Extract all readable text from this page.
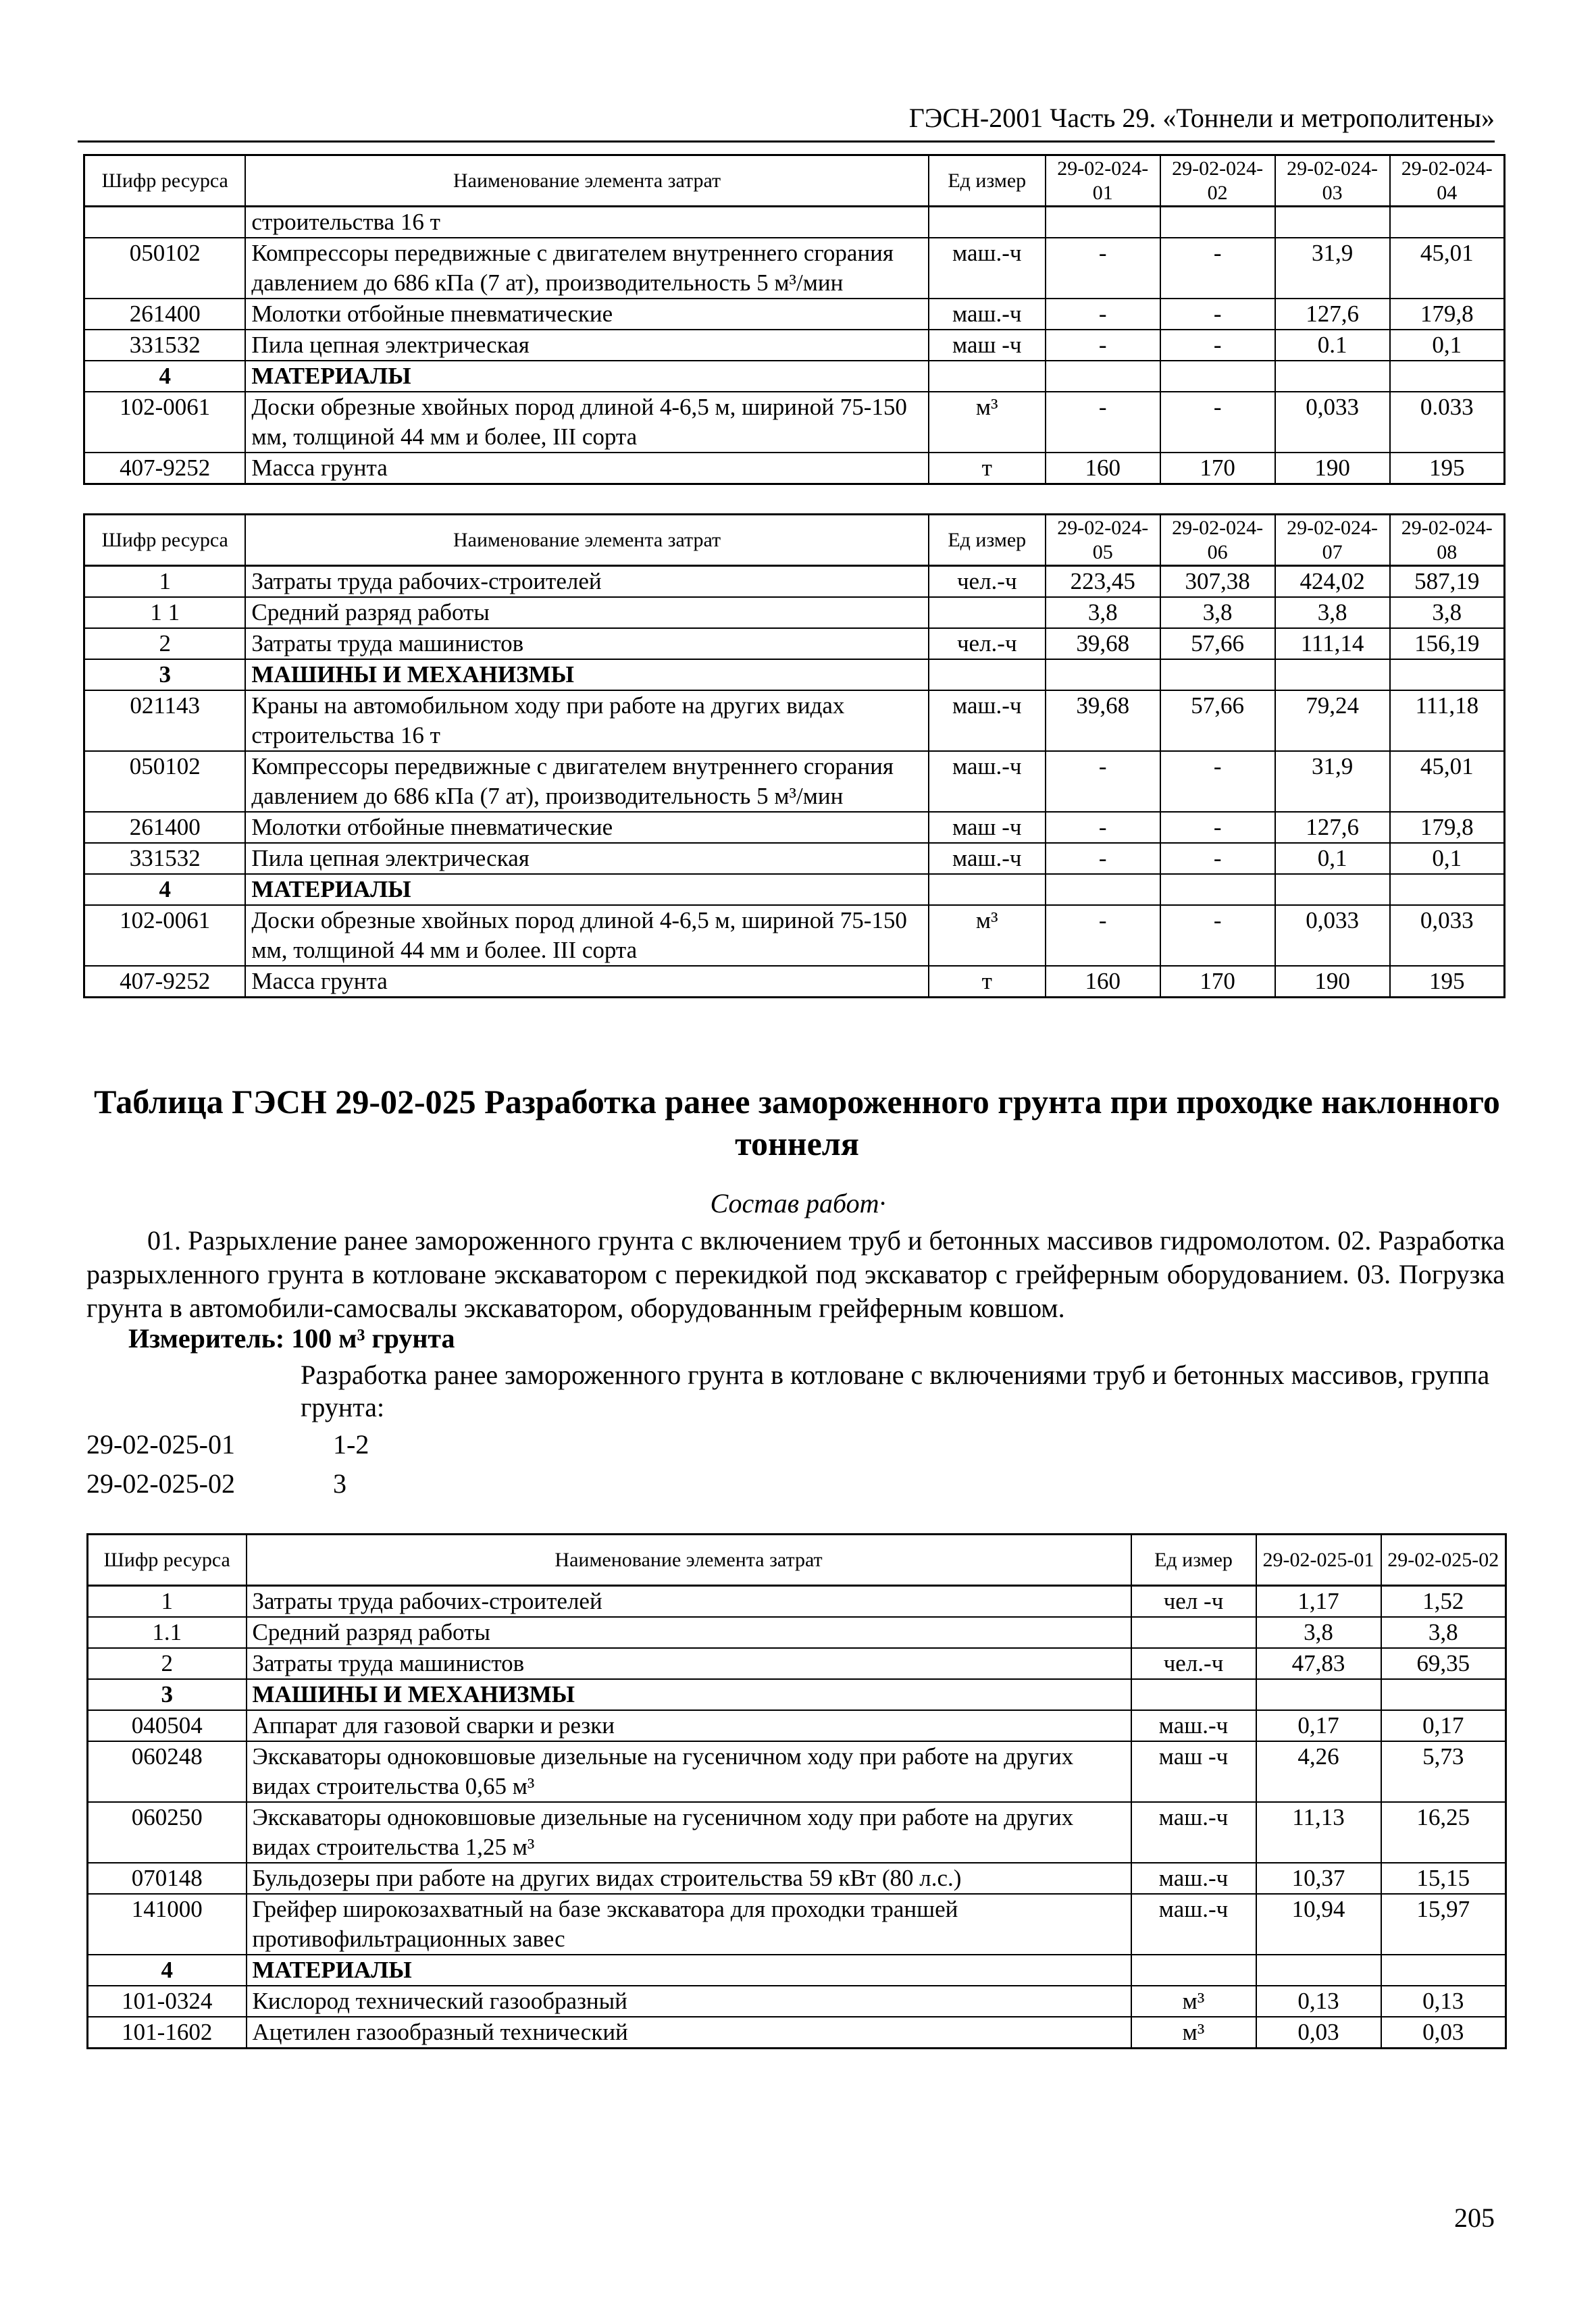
ГЭСН-2001 Часть 29. «Тоннели и метрополитены»
Шифр ресурса	Наименование элемента затрат	Ед измер	29-02-024-01	29-02-024-02	29-02-024-03	29-02-024-04
	строительства 16 т					
050102	Компрессоры передвижные с двигателем внутреннего сгорания давлением до 686 кПа (7 ат), производительность 5 м³/мин	маш.-ч	-	-	31,9	45,01
261400	Молотки отбойные пневматические	маш.-ч	-	-	127,6	179,8
331532	Пила цепная электрическая	маш -ч	-	-	0.1	0,1
4	МАТЕРИАЛЫ					
102-0061	Доски обрезные хвойных пород длиной 4-6,5 м, шириной 75-150 мм, толщиной 44 мм и более, III сорта	м³	-	-	0,033	0.033
407-9252	Масса грунта	т	160	170	190	195
Шифр ресурса	Наименование элемента затрат	Ед измер	29-02-024-05	29-02-024-06	29-02-024-07	29-02-024-08
1	Затраты труда рабочих-строителей	чел.-ч	223,45	307,38	424,02	587,19
1 1	Средний разряд работы		3,8	3,8	3,8	3,8
2	Затраты труда машинистов	чел.-ч	39,68	57,66	111,14	156,19
3	МАШИНЫ И МЕХАНИЗМЫ					
021143	Краны на автомобильном ходу при работе на других видах строительства 16 т	маш.-ч	39,68	57,66	79,24	111,18
050102	Компрессоры передвижные с двигателем внутреннего сгорания давлением до 686 кПа (7 ат), производительность 5 м³/мин	маш.-ч	-	-	31,9	45,01
261400	Молотки отбойные пневматические	маш -ч	-	-	127,6	179,8
331532	Пила цепная электрическая	маш.-ч	-	-	0,1	0,1
4	МАТЕРИАЛЫ					
102-0061	Доски обрезные хвойных пород длиной 4-6,5 м, шириной 75-150 мм, толщиной 44 мм и более. III сорта	м³	-	-	0,033	0,033
407-9252	Масса грунта	т	160	170	190	195
Таблица ГЭСН 29-02-025 Разработка ранее замороженного грунта при проходке наклонного тоннеля
Состав работ·
01. Разрыхление ранее замороженного грунта с включением труб и бетонных массивов гидромолотом. 02. Разработка разрыхленного грунта в котловане экскаватором с перекидкой под экскаватор с грейферным оборудованием. 03. Погрузка грунта в автомобили-самосвалы экскаватором, оборудованным грейферным ковшом.
Измеритель: 100 м³ грунта
Разработка ранее замороженного грунта в котловане с включениями труб и бетонных массивов, группа грунта:
29-02-025-01	1-2
29-02-025-02	3
Шифр ресурса	Наименование элемента затрат	Ед измер	29-02-025-01	29-02-025-02
1	Затраты труда рабочих-строителей	чел -ч	1,17	1,52
1.1	Средний разряд работы		3,8	3,8
2	Затраты труда машинистов	чел.-ч	47,83	69,35
3	МАШИНЫ И МЕХАНИЗМЫ			
040504	Аппарат для газовой сварки и резки	маш.-ч	0,17	0,17
060248	Экскаваторы одноковшовые дизельные на гусеничном ходу при работе на других видах строительства 0,65 м³	маш -ч	4,26	5,73
060250	Экскаваторы одноковшовые дизельные на гусеничном ходу при работе на других видах строительства 1,25 м³	маш.-ч	11,13	16,25
070148	Бульдозеры при работе на других видах строительства 59 кВт (80 л.с.)	маш.-ч	10,37	15,15
141000	Грейфер широкозахватный на базе экскаватора для проходки траншей противофильтрационных завес	маш.-ч	10,94	15,97
4	МАТЕРИАЛЫ			
101-0324	Кислород технический газообразный	м³	0,13	0,13
101-1602	Ацетилен газообразный технический	м³	0,03	0,03
205
